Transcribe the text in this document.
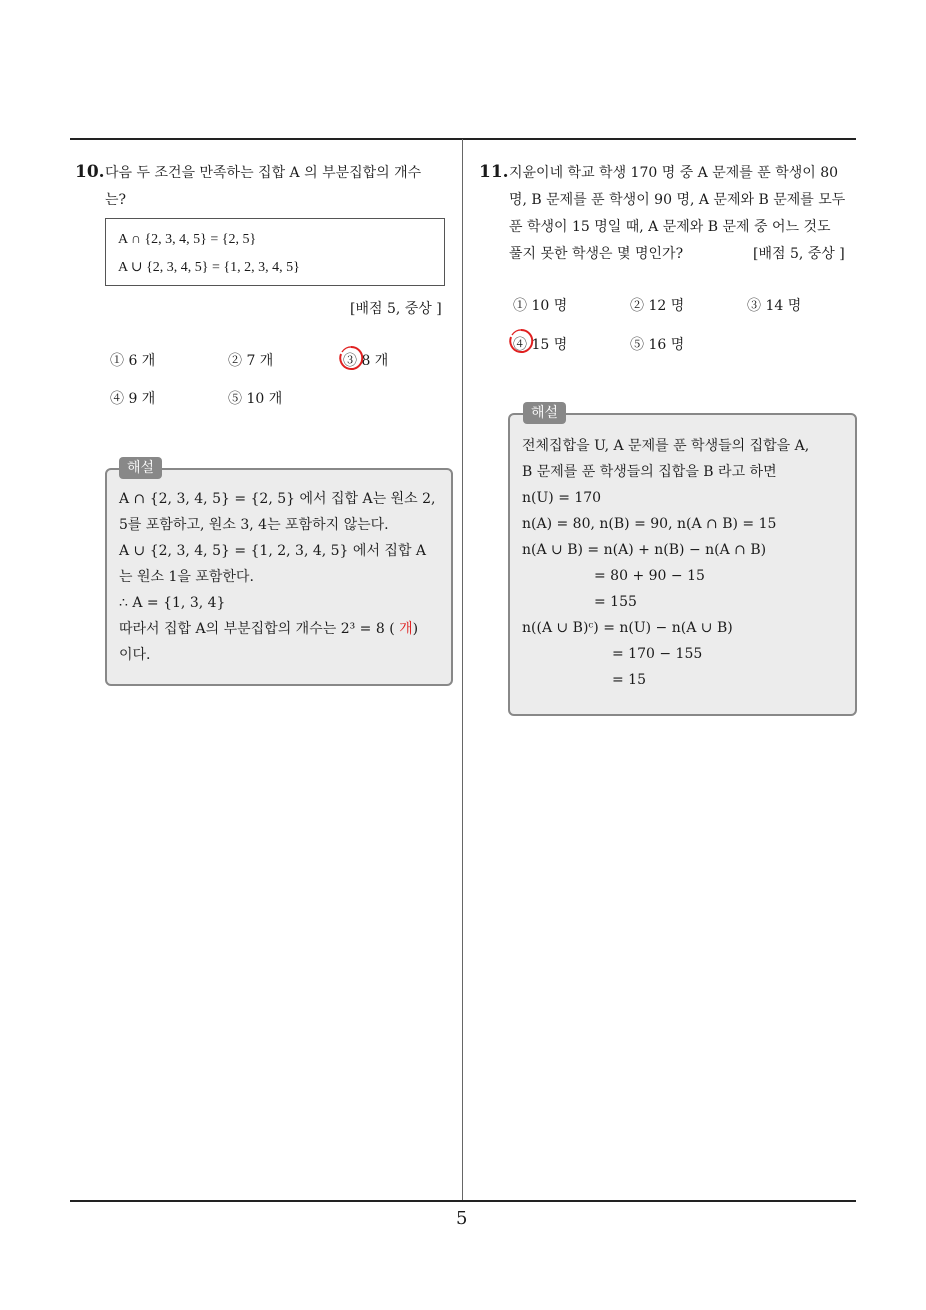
5
10. 다음 두 조건을 만족하는 집합 A 의 부분집합의 개수
는?
A ∩ {2, 3, 4, 5} = {2, 5}
A ∪ {2, 3, 4, 5} = {1, 2, 3, 4, 5}
[배점 5, 중상 ]
① 6 개	② 7 개	③ 8 개
④ 9 개	⑤ 10 개
A ∩ {2, 3, 4, 5} = {2, 5} 에서 집합 A는 원소 2,
5를 포함하고, 원소 3, 4는 포함하지 않는다.
A ∪ {2, 3, 4, 5} = {1, 2, 3, 4, 5} 에서 집합 A
는 원소 1을 포함한다.
∴ A = {1, 3, 4}
따라서 집합 A의 부분집합의 개수는 2³ = 8 ( 개)
이다.
해설
11. 지윤이네 학교 학생 170 명 중 A 문제를 푼 학생이 80
명, B 문제를 푼 학생이 90 명, A 문제와 B 문제를 모두
푼 학생이 15 명일 때, A 문제와 B 문제 중 어느 것도
풀지 못한 학생은 몇 명인가?	[배점 5, 중상 ]
① 10 명	② 12 명	③ 14 명
④ 15 명	⑤ 16 명
전체집합을 U, A 문제를 푼 학생들의 집합을 A,
B 문제를 푼 학생들의 집합을 B 라고 하면
n(U) = 170
n(A) = 80, n(B) = 90, n(A ∩ B) = 15
n(A ∪ B) = n(A) + n(B) − n(A ∩ B)
= 80 + 90 − 15
= 155
n((A ∪ B)ᶜ) = n(U) − n(A ∪ B)
= 170 − 155
= 15
해설
